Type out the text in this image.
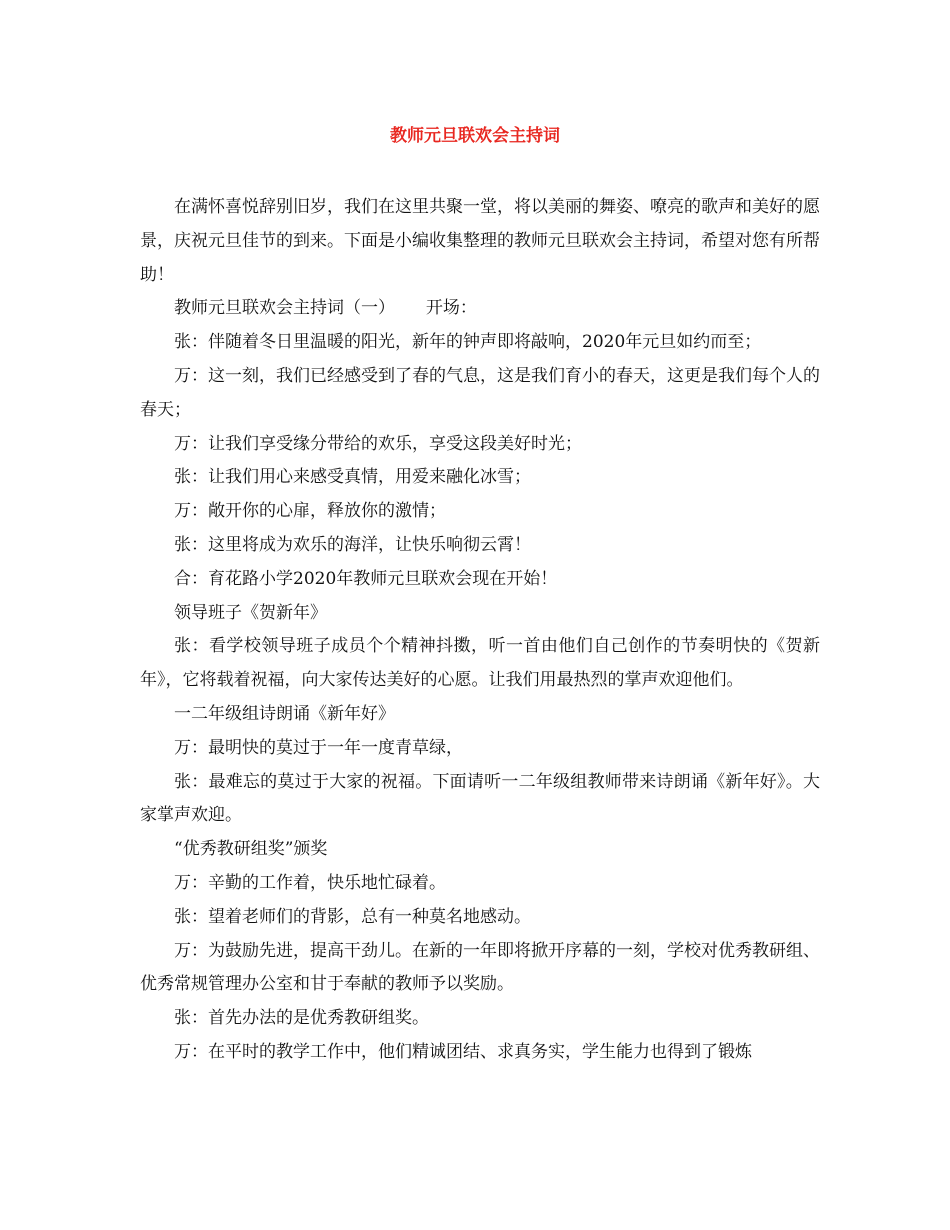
教师元旦联欢会主持词

在满怀喜悦辞别旧岁，我们在这里共聚一堂，将以美丽的舞姿、嘹亮的歌声和美好的愿景，庆祝元旦佳节的到来。下面是小编收集整理的教师元旦联欢会主持词，希望对您有所帮助！

教师元旦联欢会主持词（一）　　 开场：

张：伴随着冬日里温暖的阳光，新年的钟声即将敲响，2020年元旦如约而至；

万：这一刻，我们已经感受到了春的气息，这是我们育小的春天，这更是我们每个人的春天；

万：让我们享受缘分带给的欢乐，享受这段美好时光；

张：让我们用心来感受真情，用爱来融化冰雪；

万：敞开你的心扉，释放你的激情；

张：这里将成为欢乐的海洋，让快乐响彻云霄！

合：育花路小学2020年教师元旦联欢会现在开始！

领导班子《贺新年》

张：看学校领导班子成员个个精神抖擞，听一首由他们自己创作的节奏明快的《贺新年》，它将载着祝福，向大家传达美好的心愿。让我们用最热烈的掌声欢迎他们。

一二年级组诗朗诵《新年好》

万：最明快的莫过于一年一度青草绿，

张：最难忘的莫过于大家的祝福。下面请听一二年级组教师带来诗朗诵《新年好》。大家掌声欢迎。

“优秀教研组奖”颁奖

万：辛勤的工作着，快乐地忙碌着。

张：望着老师们的背影，总有一种莫名地感动。

万：为鼓励先进，提高干劲儿。在新的一年即将掀开序幕的一刻，学校对优秀教研组、优秀常规管理办公室和甘于奉献的教师予以奖励。

张：首先办法的是优秀教研组奖。

万：在平时的教学工作中，他们精诚团结、求真务实，学生能力也得到了锻炼
